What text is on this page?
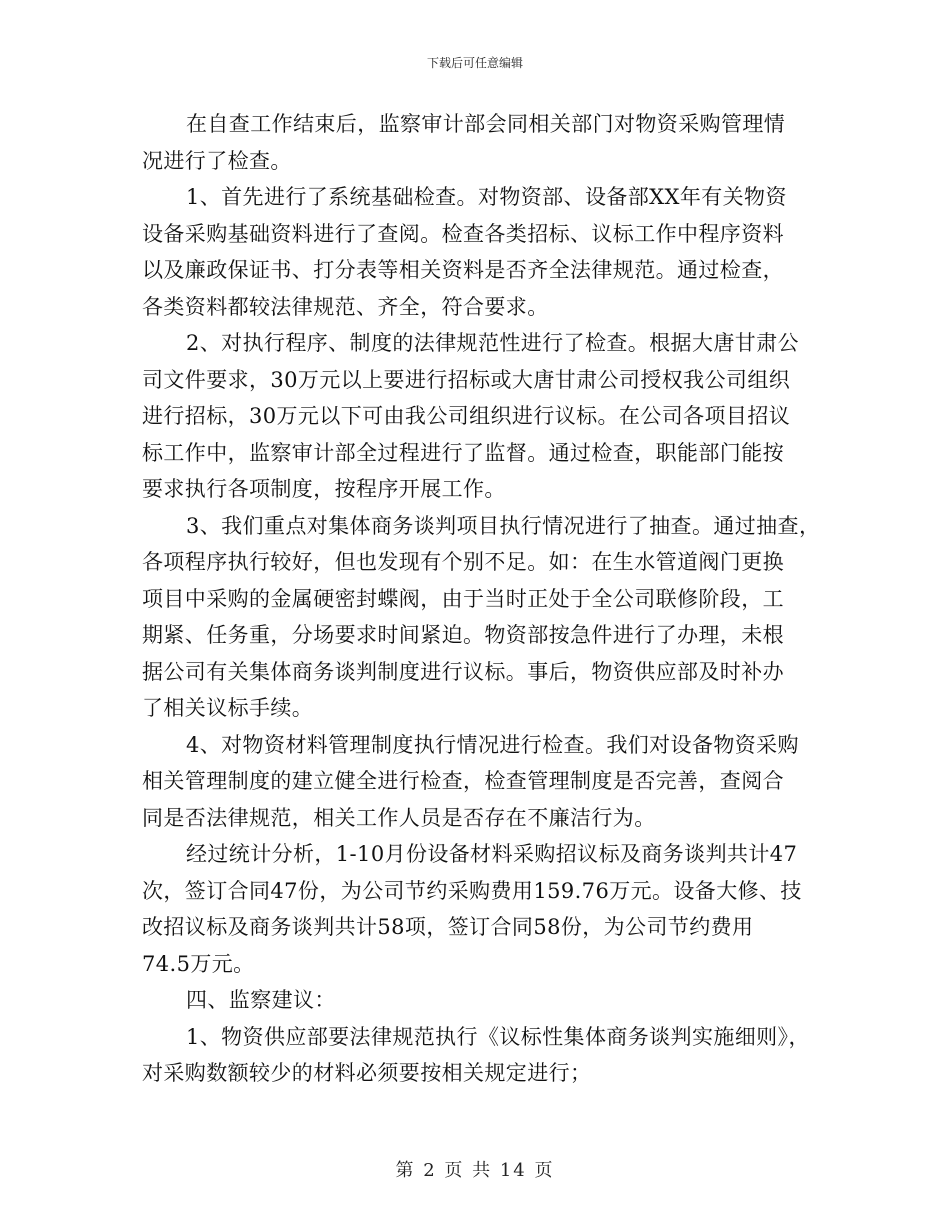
下载后可任意编辑
在自查工作结束后，监察审计部会同相关部门对物资采购管理情
况进行了检查。
1、首先进行了系统基础检查。对物资部、设备部XX年有关物资
设备采购基础资料进行了查阅。检查各类招标、议标工作中程序资料
以及廉政保证书、打分表等相关资料是否齐全法律规范。通过检查，
各类资料都较法律规范、齐全，符合要求。
2、对执行程序、制度的法律规范性进行了检查。根据大唐甘肃公
司文件要求，30万元以上要进行招标或大唐甘肃公司授权我公司组织
进行招标，30万元以下可由我公司组织进行议标。在公司各项目招议
标工作中，监察审计部全过程进行了监督。通过检查，职能部门能按
要求执行各项制度，按程序开展工作。
3、我们重点对集体商务谈判项目执行情况进行了抽查。通过抽查，
各项程序执行较好，但也发现有个别不足。如：在生水管道阀门更换
项目中采购的金属硬密封蝶阀，由于当时正处于全公司联修阶段，工
期紧、任务重，分场要求时间紧迫。物资部按急件进行了办理，未根
据公司有关集体商务谈判制度进行议标。事后，物资供应部及时补办
了相关议标手续。
4、对物资材料管理制度执行情况进行检查。我们对设备物资采购
相关管理制度的建立健全进行检查，检查管理制度是否完善，查阅合
同是否法律规范，相关工作人员是否存在不廉洁行为。
经过统计分析，1-10月份设备材料采购招议标及商务谈判共计47
次，签订合同47份，为公司节约采购费用159.76万元。设备大修、技
改招议标及商务谈判共计58项，签订合同58份，为公司节约费用
74.5万元。
四、监察建议：
1、物资供应部要法律规范执行《议标性集体商务谈判实施细则》，
对采购数额较少的材料必须要按相关规定进行；
第 2 页 共 14 页
